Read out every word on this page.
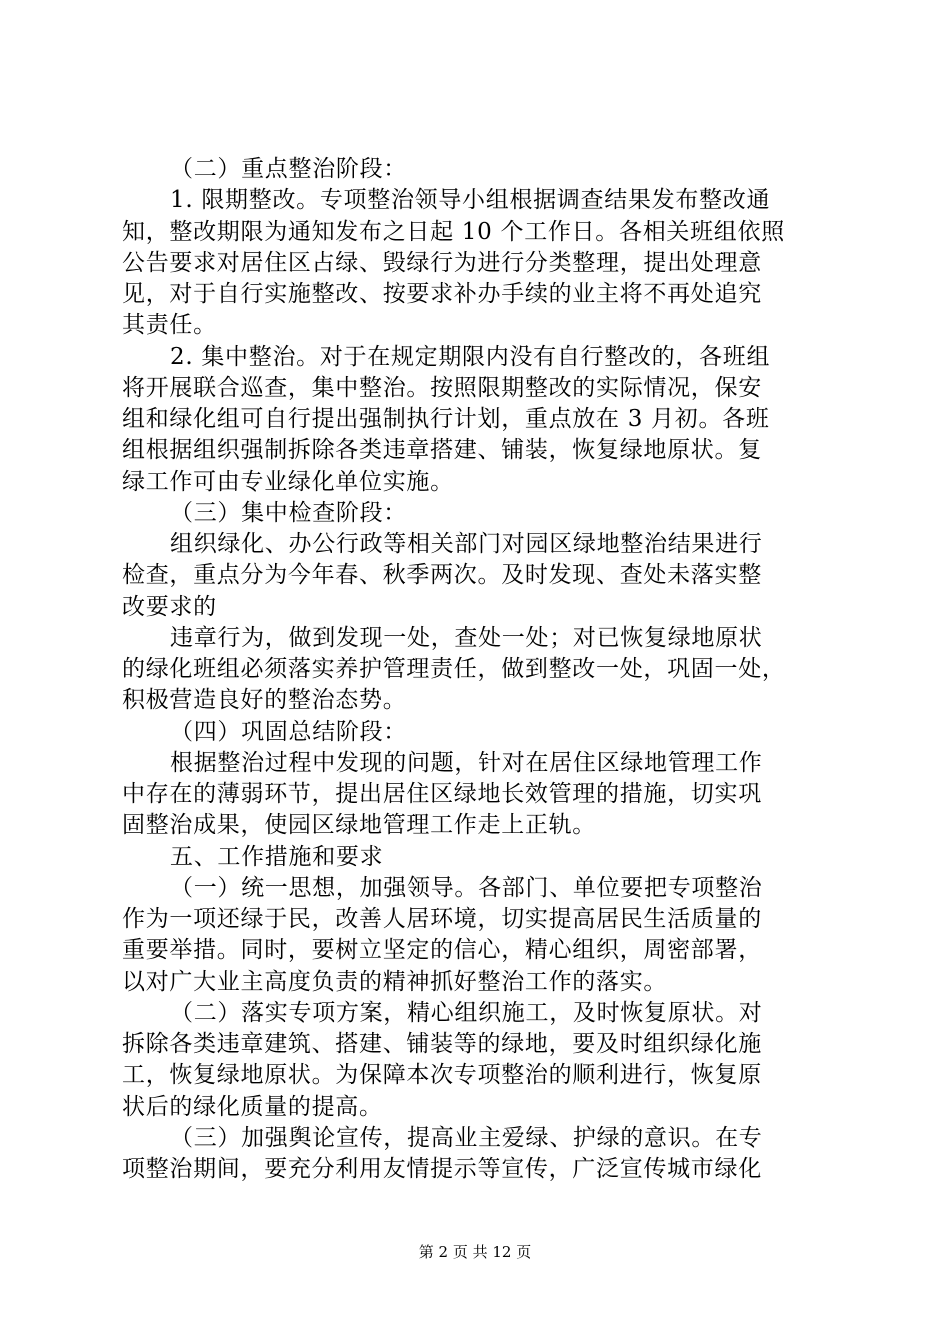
（二）重点整治阶段：
1. 限期整改。专项整治领导小组根据调查结果发布整改通
知，整改期限为通知发布之日起 10 个工作日。各相关班组依照
公告要求对居住区占绿、毁绿行为进行分类整理，提出处理意
见，对于自行实施整改、按要求补办手续的业主将不再处追究
其责任。
2. 集中整治。对于在规定期限内没有自行整改的，各班组
将开展联合巡查，集中整治。按照限期整改的实际情况，保安
组和绿化组可自行提出强制执行计划，重点放在 3 月初。各班
组根据组织强制拆除各类违章搭建、铺装，恢复绿地原状。复
绿工作可由专业绿化单位实施。
（三）集中检查阶段：
组织绿化、办公行政等相关部门对园区绿地整治结果进行
检查，重点分为今年春、秋季两次。及时发现、查处未落实整
改要求的
违章行为，做到发现一处，查处一处；对已恢复绿地原状
的绿化班组必须落实养护管理责任，做到整改一处，巩固一处，
积极营造良好的整治态势。
（四）巩固总结阶段：
根据整治过程中发现的问题，针对在居住区绿地管理工作
中存在的薄弱环节，提出居住区绿地长效管理的措施，切实巩
固整治成果，使园区绿地管理工作走上正轨。
五、工作措施和要求
（一）统一思想，加强领导。各部门、单位要把专项整治
作为一项还绿于民，改善人居环境，切实提高居民生活质量的
重要举措。同时，要树立坚定的信心，精心组织，周密部署，
以对广大业主高度负责的精神抓好整治工作的落实。
（二）落实专项方案，精心组织施工，及时恢复原状。对
拆除各类违章建筑、搭建、铺装等的绿地，要及时组织绿化施
工，恢复绿地原状。为保障本次专项整治的顺利进行，恢复原
状后的绿化质量的提高。
（三）加强舆论宣传，提高业主爱绿、护绿的意识。在专
项整治期间，要充分利用友情提示等宣传，广泛宣传城市绿化
第 2 页 共 12 页
